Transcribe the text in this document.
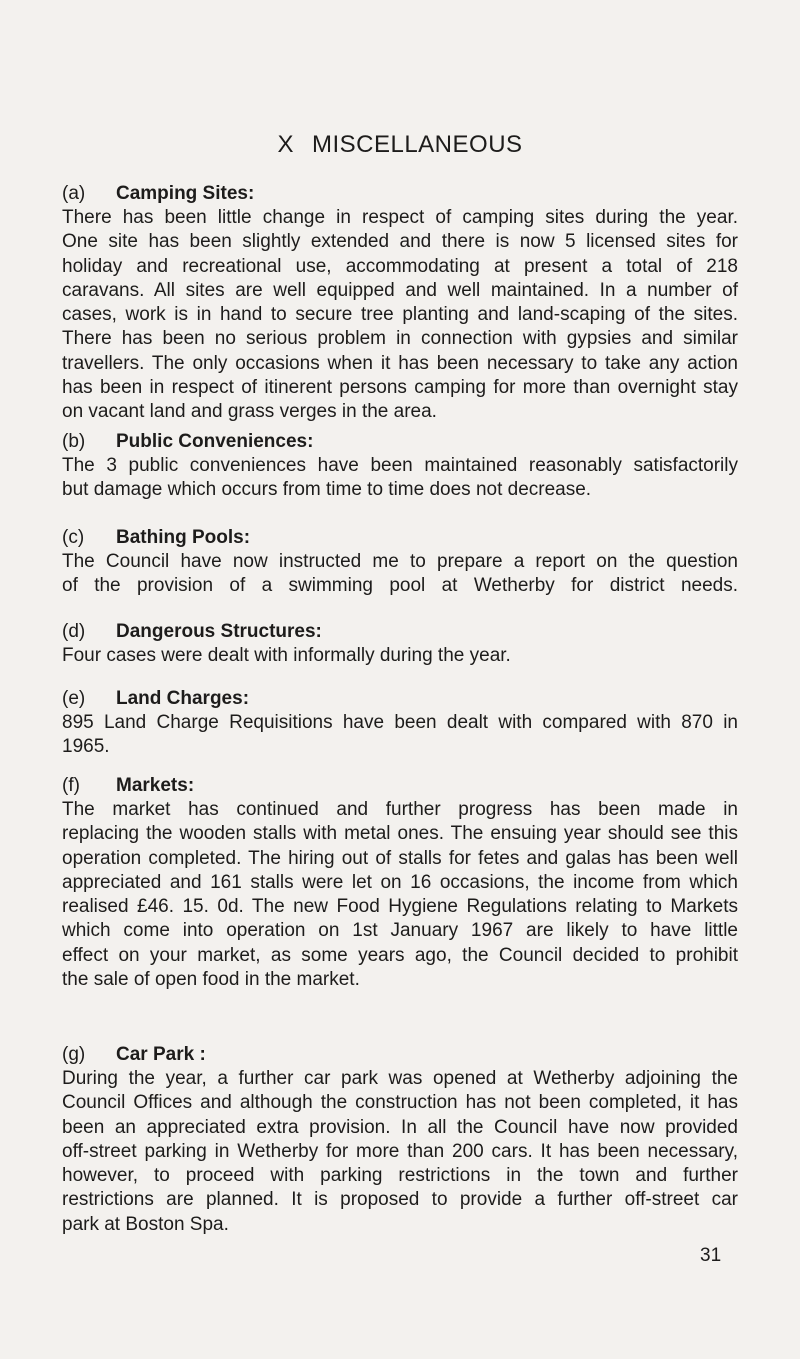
X MISCELLANEOUS
(a) Camping Sites:
There has been little change in respect of camping sites during the year.
One site has been slightly extended and there is now 5 licensed sites for
holiday and recreational use, accommodating at present a total of 218
caravans. All sites are well equipped and well maintained. In a number of
cases, work is in hand to secure tree planting and land-scaping of the sites.
There has been no serious problem in connection with gypsies and similar
travellers. The only occasions when it has been necessary to take any action
has been in respect of itinerent persons camping for more than overnight stay
on vacant land and grass verges in the area.
(b) Public Conveniences:
The 3 public conveniences have been maintained reasonably satisfactorily
but damage which occurs from time to time does not decrease.
(c) Bathing Pools:
The Council have now instructed me to prepare a report on the question
of the provision of a swimming pool at Wetherby for district needs.
(d) Dangerous Structures:
Four cases were dealt with informally during the year.
(e) Land Charges:
895 Land Charge Requisitions have been dealt with compared with 870 in
1965.
(f) Markets:
The market has continued and further progress has been made in
replacing the wooden stalls with metal ones. The ensuing year should see this
operation completed. The hiring out of stalls for fetes and galas has been well
appreciated and 161 stalls were let on 16 occasions, the income from which
realised £46. 15. 0d. The new Food Hygiene Regulations relating to Markets
which come into operation on 1st January 1967 are likely to have little
effect on your market, as some years ago, the Council decided to prohibit
the sale of open food in the market.
(g) Car Park :
During the year, a further car park was opened at Wetherby adjoining the
Council Offices and although the construction has not been completed, it has
been an appreciated extra provision. In all the Council have now provided
off-street parking in Wetherby for more than 200 cars. It has been necessary,
however, to proceed with parking restrictions in the town and further
restrictions are planned. It is proposed to provide a further off-street car
park at Boston Spa.
31
